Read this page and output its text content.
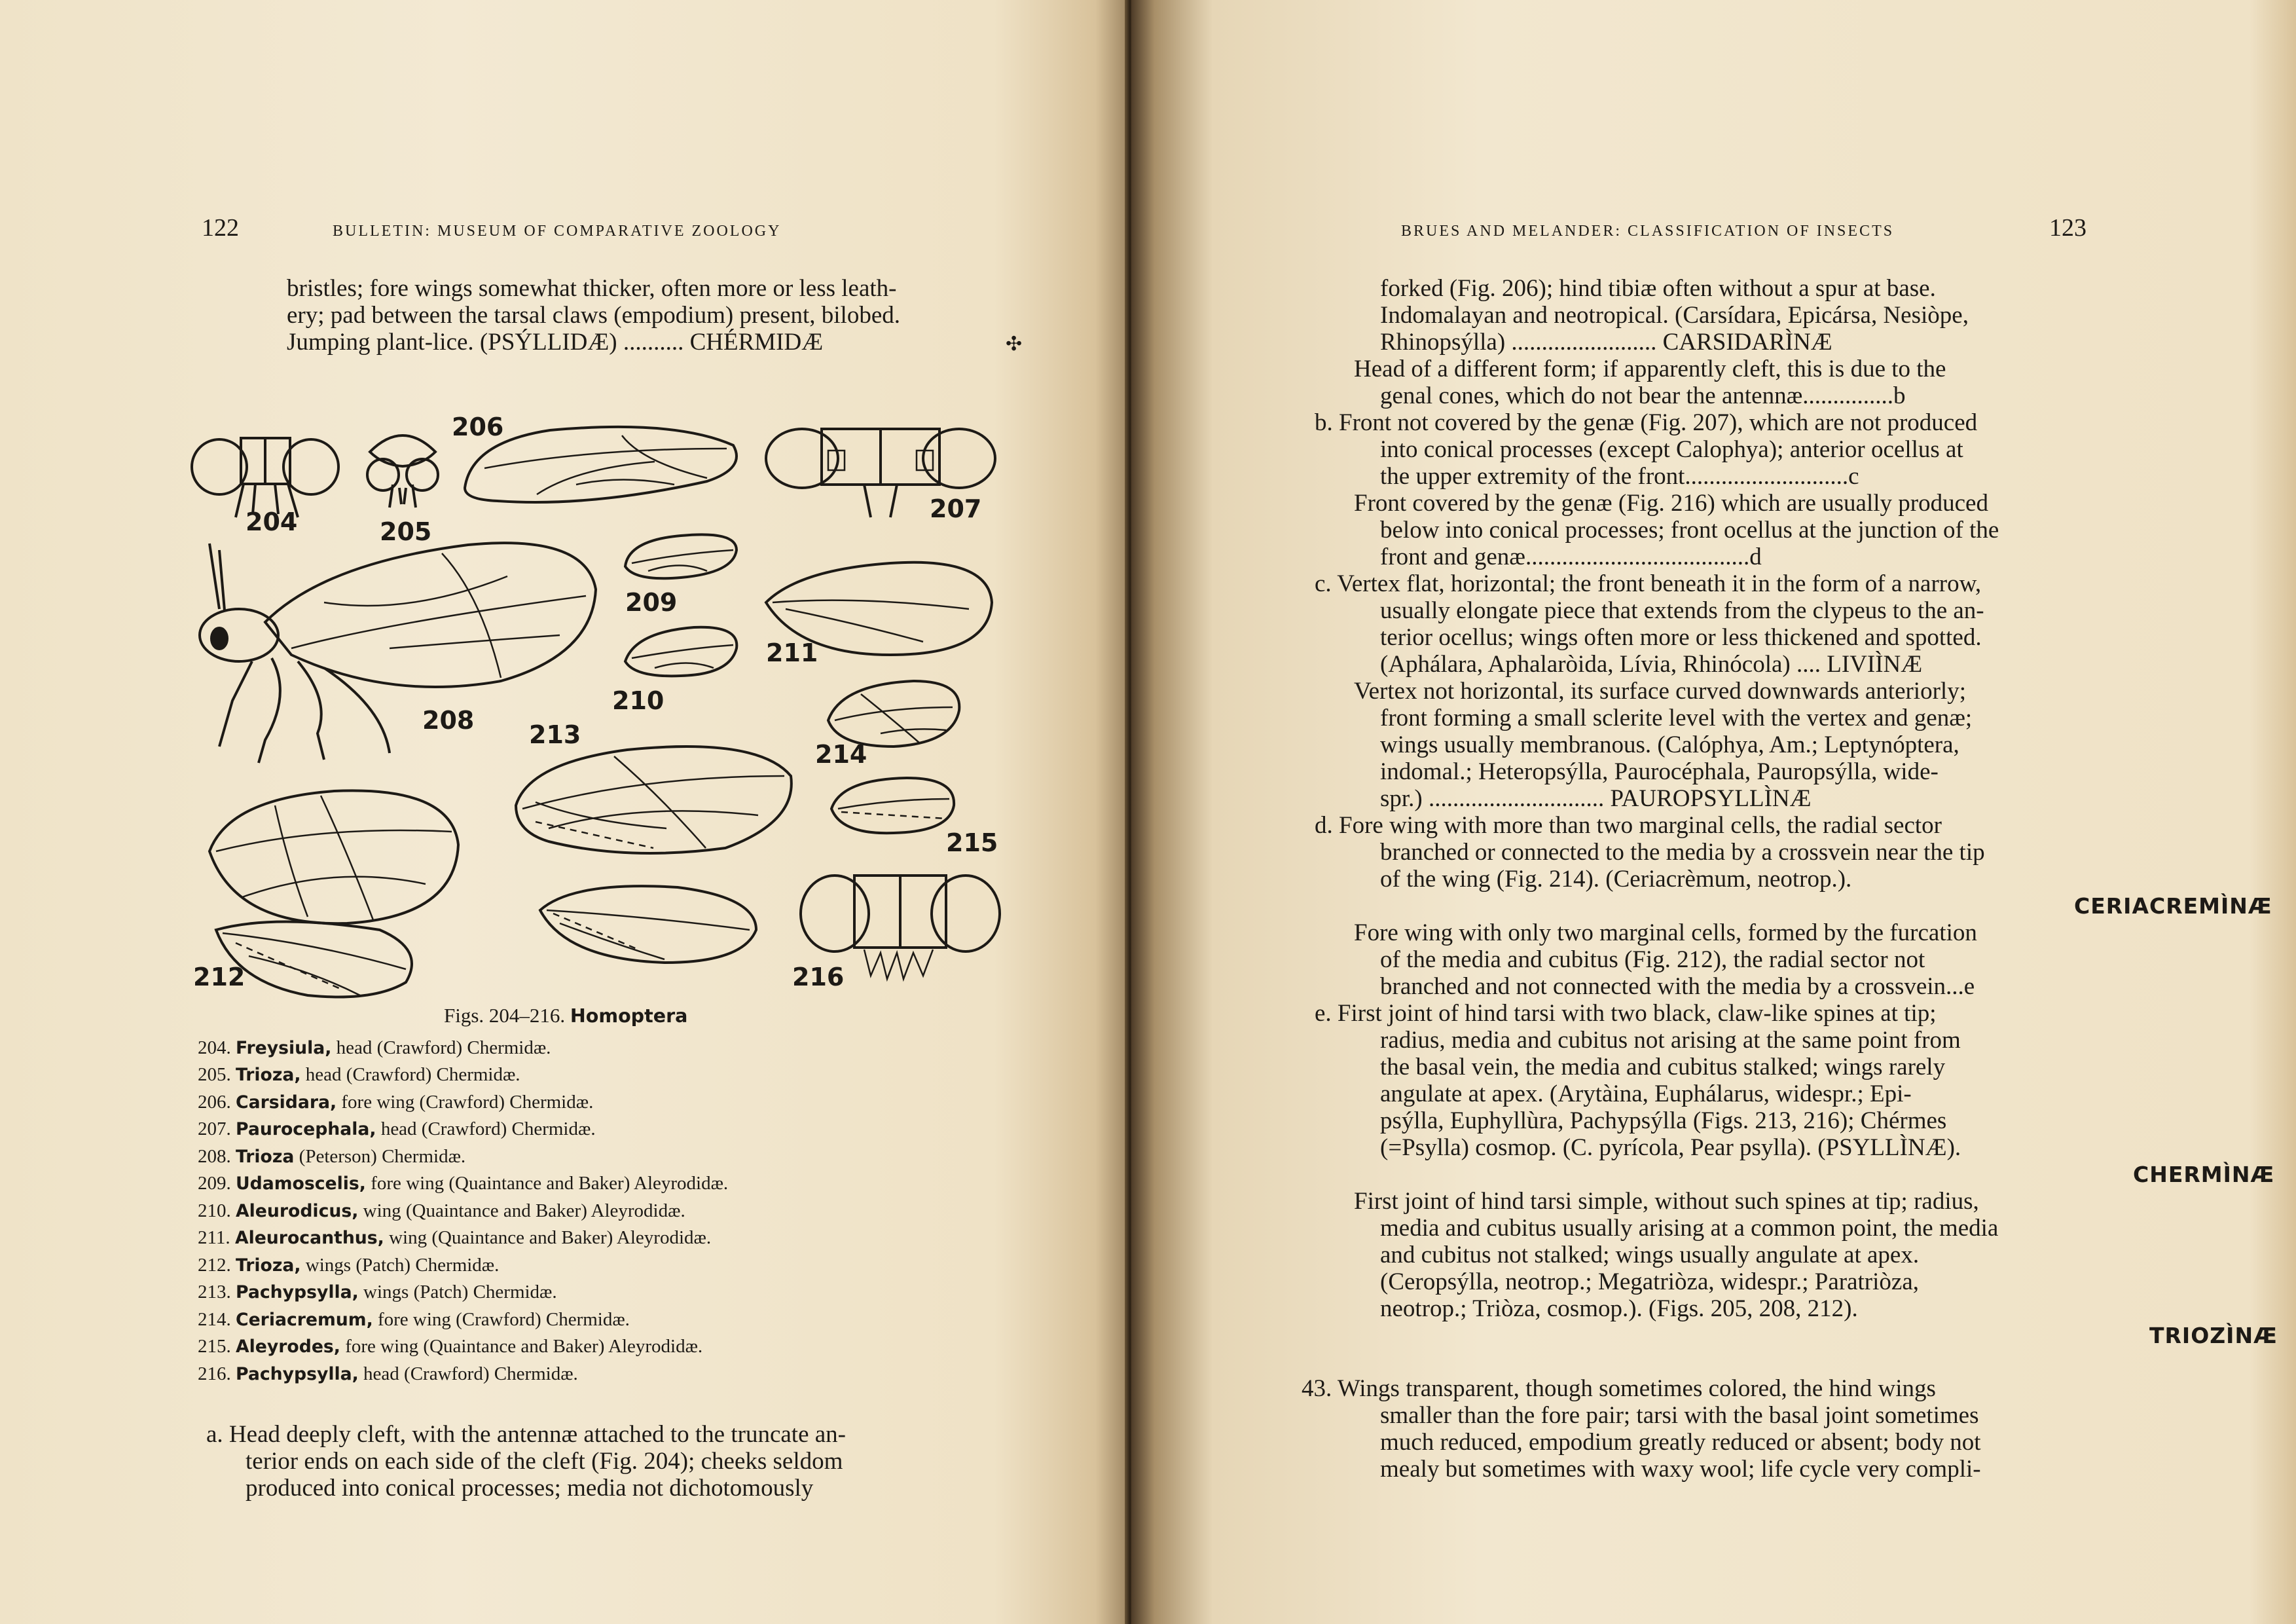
122	BULLETIN: MUSEUM OF COMPARATIVE ZOOLOGY
bristles; fore wings somewhat thicker, often more or less leath-
ery; pad between the tarsal claws (empodium) present, bilobed.
Jumping plant-lice. (PSÝLLIDÆ) .......... CHÉRMIDÆ	✣
204	205
206
207
208
209
210
211
212
213
214
215
216
Figs. 204–216. Homoptera
204. Freysiula, head (Crawford) Chermidæ.
205. Trioza, head (Crawford) Chermidæ.
206. Carsidara, fore wing (Crawford) Chermidæ.
207. Paurocephala, head (Crawford) Chermidæ.
208. Trioza (Peterson) Chermidæ.
209. Udamoscelis, fore wing (Quaintance and Baker) Aleyrodidæ.
210. Aleurodicus, wing (Quaintance and Baker) Aleyrodidæ.
211. Aleurocanthus, wing (Quaintance and Baker) Aleyrodidæ.
212. Trioza, wings (Patch) Chermidæ.
213. Pachypsylla, wings (Patch) Chermidæ.
214. Ceriacremum, fore wing (Crawford) Chermidæ.
215. Aleyrodes, fore wing (Quaintance and Baker) Aleyrodidæ.
216. Pachypsylla, head (Crawford) Chermidæ.
a. Head deeply cleft, with the antennæ attached to the truncate an-
terior ends on each side of the cleft (Fig. 204); cheeks seldom
produced into conical processes; media not dichotomously
BRUES AND MELANDER: CLASSIFICATION OF INSECTS	123
forked (Fig. 206); hind tibiæ often without a spur at base.
Indomalayan and neotropical. (Carsídara, Epicársa, Nesiòpe,
Rhinopsýlla) ........................ CARSIDARÌNÆ
Head of a different form; if apparently cleft, this is due to the
genal cones, which do not bear the antennæ...............b
b. Front not covered by the genæ (Fig. 207), which are not produced
into conical processes (except Calophya); anterior ocellus at
the upper extremity of the front...........................c
Front covered by the genæ (Fig. 216) which are usually produced
below into conical processes; front ocellus at the junction of the
front and genæ.....................................d
c. Vertex flat, horizontal; the front beneath it in the form of a narrow,
usually elongate piece that extends from the clypeus to the an-
terior ocellus; wings often more or less thickened and spotted.
(Aphálara, Aphalaròida, Lívia, Rhinócola) .... LIVIÌNÆ
Vertex not horizontal, its surface curved downwards anteriorly;
front forming a small sclerite level with the vertex and genæ;
wings usually membranous. (Calóphya, Am.; Leptynóptera,
indomal.; Heteropsýlla, Paurocéphala, Pauropsýlla, wide-
spr.) ............................. PAUROPSYLLÌNÆ
d. Fore wing with more than two marginal cells, the radial sector
branched or connected to the media by a crossvein near the tip
of the wing (Fig. 214). (Ceriacrèmum, neotrop.).
CERIACREMÌNÆ
Fore wing with only two marginal cells, formed by the furcation
of the media and cubitus (Fig. 212), the radial sector not
branched and not connected with the media by a crossvein...e
e. First joint of hind tarsi with two black, claw-like spines at tip;
radius, media and cubitus not arising at the same point from
the basal vein, the media and cubitus stalked; wings rarely
angulate at apex. (Arytàina, Euphálarus, widespr.; Epi-
psýlla, Euphyllùra, Pachypsýlla (Figs. 213, 216); Chérmes
(=Psylla) cosmop. (C. pyrícola, Pear psylla). (PSYLLÌNÆ).
CHERMÌNÆ
First joint of hind tarsi simple, without such spines at tip; radius,
media and cubitus usually arising at a common point, the media
and cubitus not stalked; wings usually angulate at apex.
(Ceropsýlla, neotrop.; Megatriòza, widespr.; Paratriòza,
neotrop.; Triòza, cosmop.). (Figs. 205, 208, 212).
TRIOZÌNÆ
43. Wings transparent, though sometimes colored, the hind wings
smaller than the fore pair; tarsi with the basal joint sometimes
much reduced, empodium greatly reduced or absent; body not
mealy but sometimes with waxy wool; life cycle very compli-
